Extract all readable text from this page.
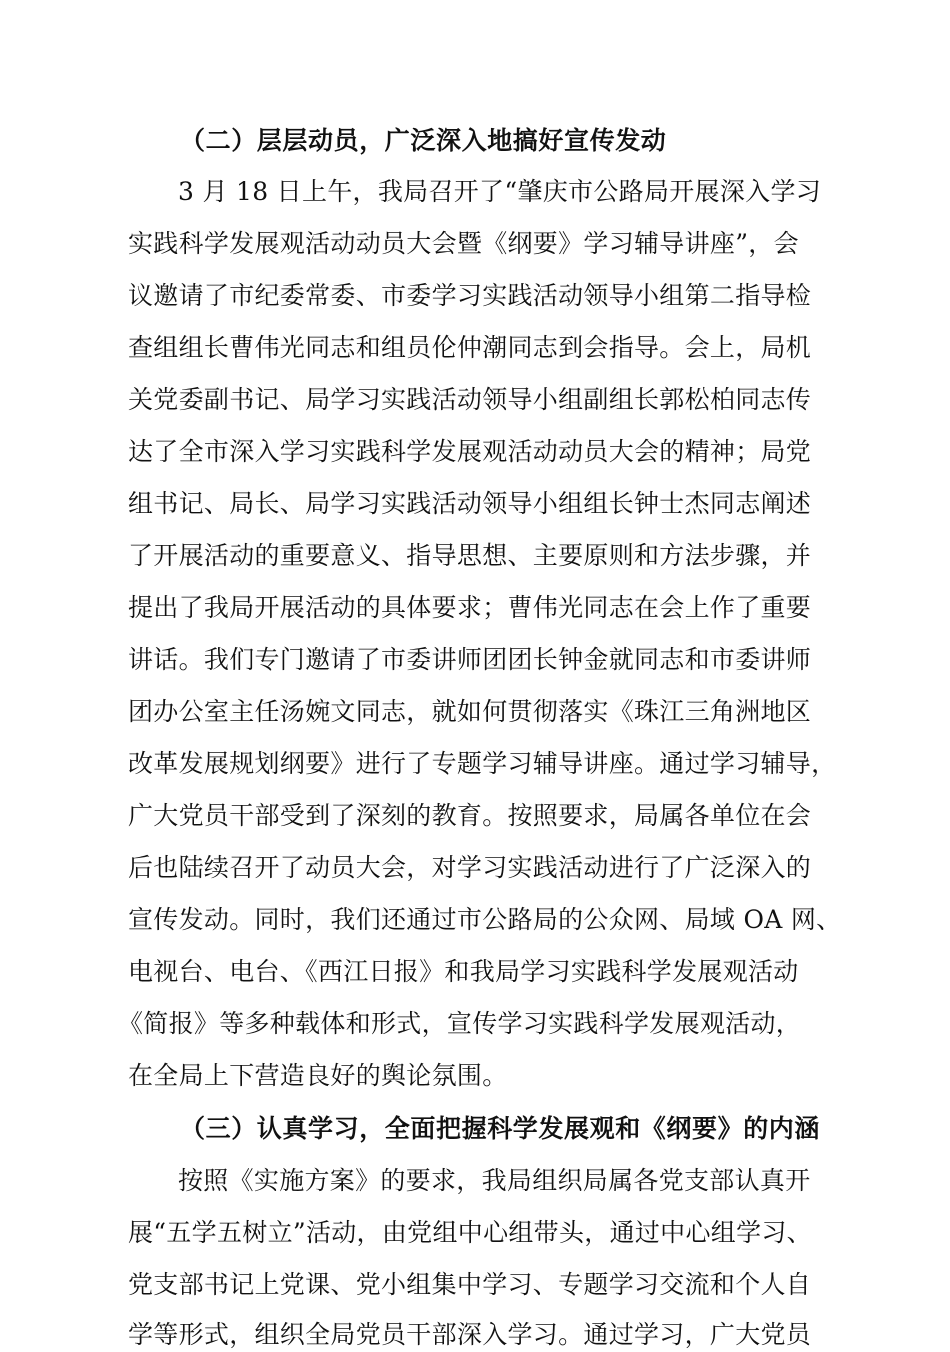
（二）层层动员，广泛深入地搞好宣传发动
3 月 18 日上午，我局召开了“肇庆市公路局开展深入学习
实践科学发展观活动动员大会暨《纲要》学习辅导讲座”，会
议邀请了市纪委常委、市委学习实践活动领导小组第二指导检
查组组长曹伟光同志和组员伦仲潮同志到会指导。会上，局机
关党委副书记、局学习实践活动领导小组副组长郭松柏同志传
达了全市深入学习实践科学发展观活动动员大会的精神；局党
组书记、局长、局学习实践活动领导小组组长钟士杰同志阐述
了开展活动的重要意义、指导思想、主要原则和方法步骤，并
提出了我局开展活动的具体要求；曹伟光同志在会上作了重要
讲话。我们专门邀请了市委讲师团团长钟金就同志和市委讲师
团办公室主任汤婉文同志，就如何贯彻落实《珠江三角洲地区
改革发展规划纲要》进行了专题学习辅导讲座。通过学习辅导，
广大党员干部受到了深刻的教育。按照要求，局属各单位在会
后也陆续召开了动员大会，对学习实践活动进行了广泛深入的
宣传发动。同时，我们还通过市公路局的公众网、局域 OA 网、
电视台、电台、《西江日报》和我局学习实践科学发展观活动
《简报》等多种载体和形式，宣传学习实践科学发展观活动，
在全局上下营造良好的舆论氛围。
（三）认真学习，全面把握科学发展观和《纲要》的内涵
按照《实施方案》的要求，我局组织局属各党支部认真开
展“五学五树立”活动，由党组中心组带头，通过中心组学习、
党支部书记上党课、党小组集中学习、专题学习交流和个人自
学等形式，组织全局党员干部深入学习。通过学习，广大党员
